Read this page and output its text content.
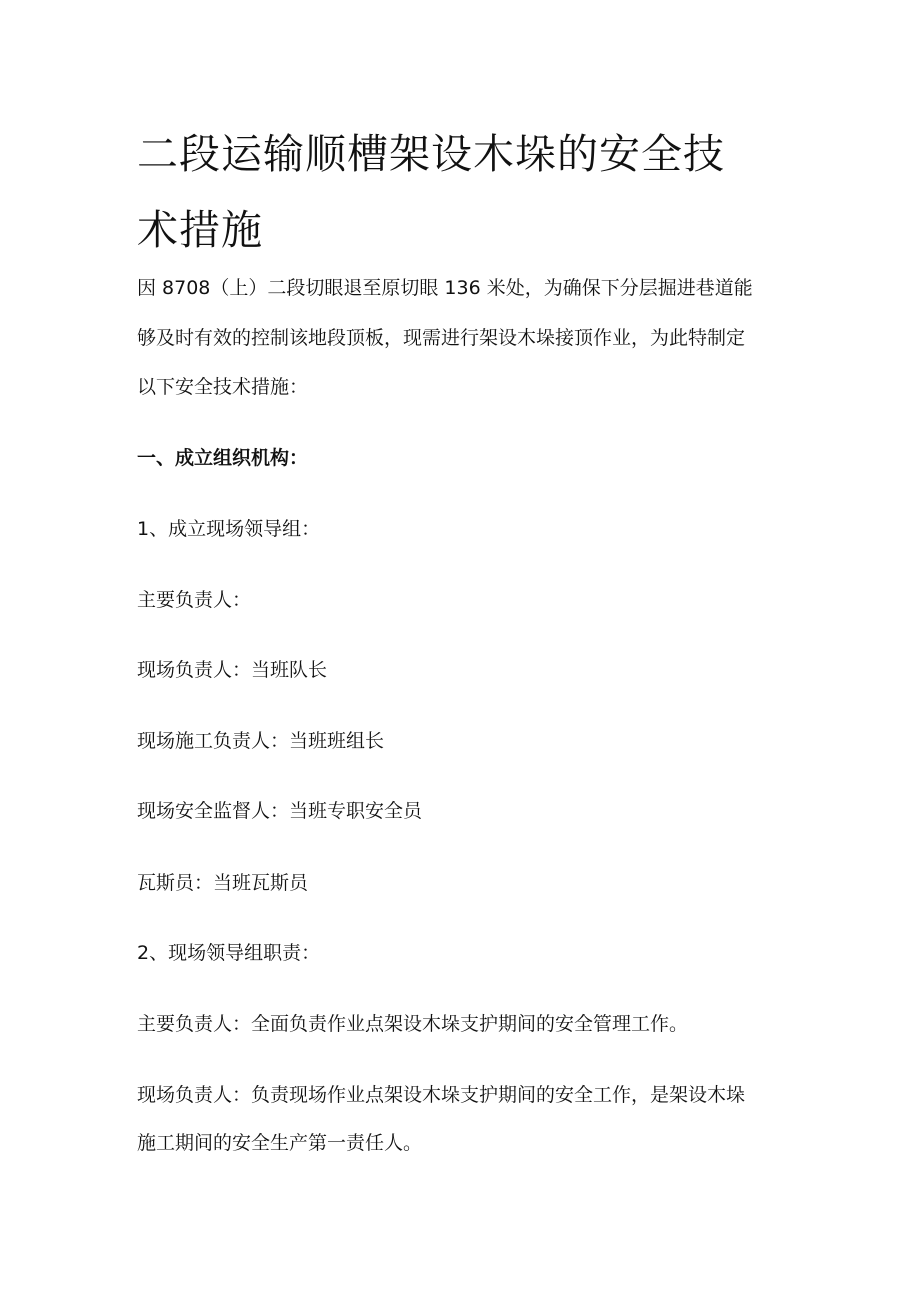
二段运输顺槽架设木垛的安全技
术措施

因 8708（上）二段切眼退至原切眼 136 米处，为确保下分层掘进巷道能

够及时有效的控制该地段顶板，现需进行架设木垛接顶作业，为此特制定

以下安全技术措施：

一、成立组织机构：

1、成立现场领导组：

主要负责人：

现场负责人：当班队长

现场施工负责人：当班班组长

现场安全监督人：当班专职安全员

瓦斯员：当班瓦斯员

2、现场领导组职责：

主要负责人：全面负责作业点架设木垛支护期间的安全管理工作。

现场负责人：负责现场作业点架设木垛支护期间的安全工作，是架设木垛

施工期间的安全生产第一责任人。
